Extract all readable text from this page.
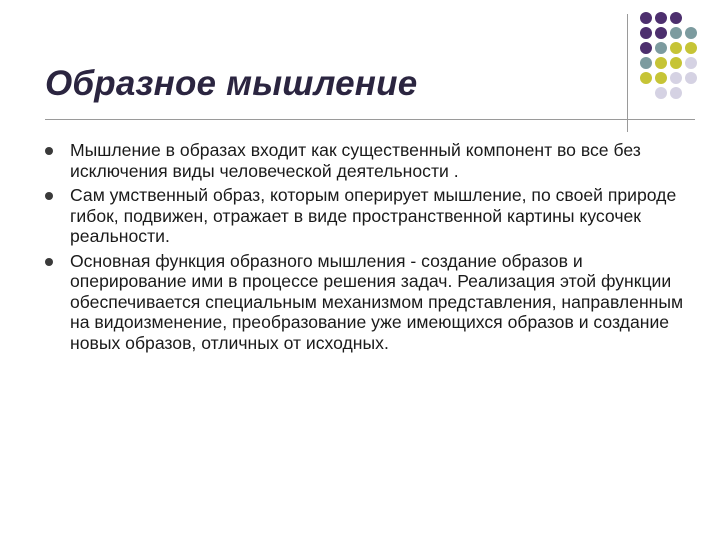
Образное мышление
Мышление в образах входит как существенный компонент во все без исключения виды человеческой деятельности .
Сам умственный образ, которым оперирует мышление, по своей природе гибок, подвижен, отражает в виде пространственной картины кусочек реальности.
Основная функция образного мышления - создание образов и оперирование ими в процессе решения задач. Реализация этой функции обеспечивается специальным механизмом представления, направленным на видоизменение, преобразование уже имеющихся образов и создание новых образов, отличных от исходных.
